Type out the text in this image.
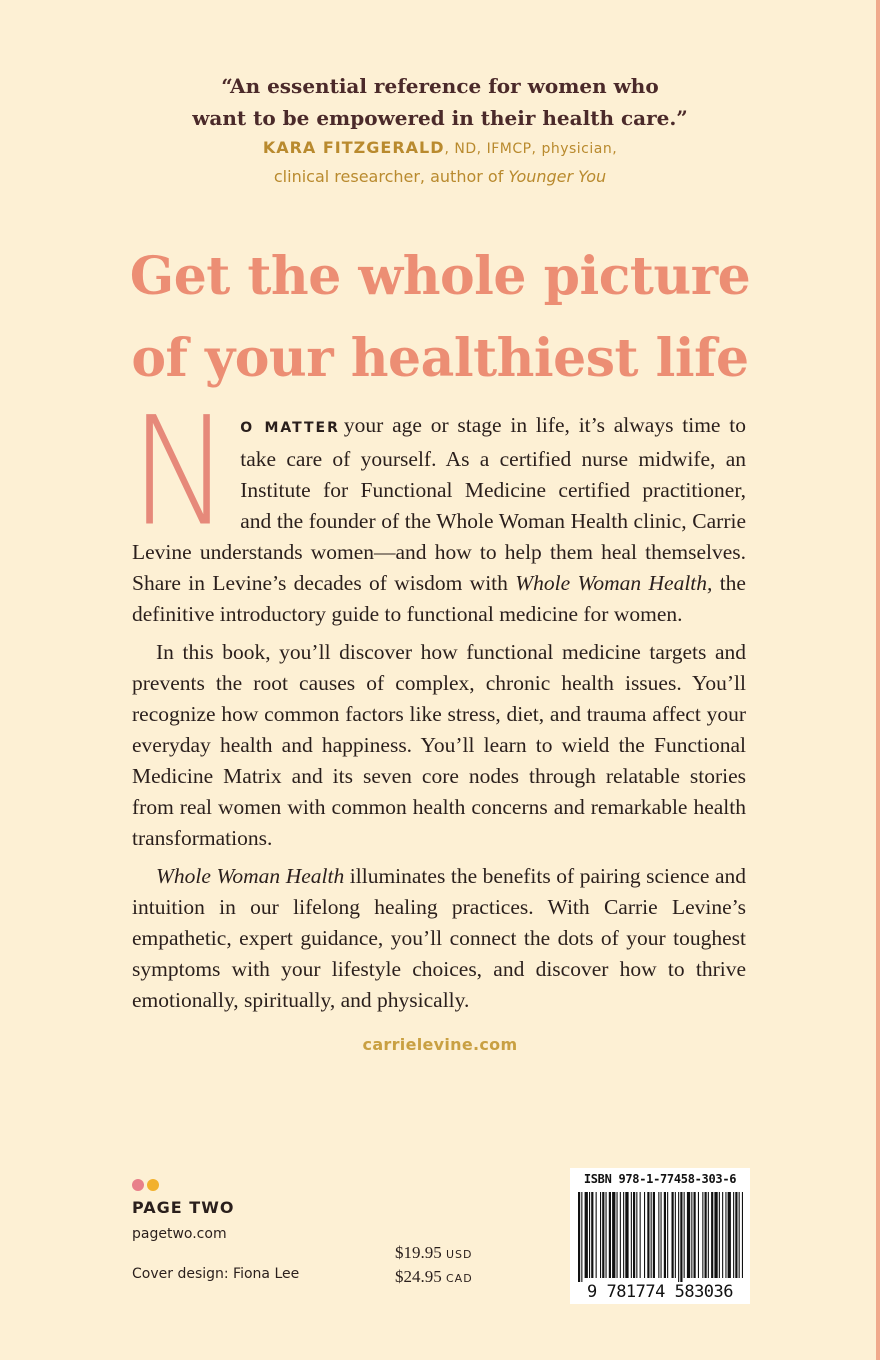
“An essential reference for women who

want to be empowered in their health care.”

KARA FITZGERALD, ND, IFMCP, physician,

clinical researcher, author of Younger You

Get the whole picture
of your healthiest life

N O MATTER your age or stage in life, it’s always time to take care of yourself. As a certified nurse midwife, an Institute for Functional Medicine certified practitioner, and the founder of the Whole Woman Health clinic, Carrie Levine understands women—and how to help them heal themselves. Share in Levine’s decades of wisdom with Whole Woman Health, the definitive introductory guide to functional medicine for women.

In this book, you’ll discover how functional medicine targets and prevents the root causes of complex, chronic health issues. You’ll recognize how common factors like stress, diet, and trauma affect your everyday health and happiness. You’ll learn to wield the Functional Medicine Matrix and its seven core nodes through relatable stories from real women with common health concerns and remarkable health transformations.

Whole Woman Health illuminates the benefits of pairing science and intuition in our lifelong healing practices. With Carrie Levine’s empathetic, expert guidance, you’ll connect the dots of your toughest symptoms with your lifestyle choices, and discover how to thrive emotionally, spiritually, and physically.

carrielevine.com
PAGE TWO
pagetwo.com
Cover design: Fiona Lee
$19.95 USD
$24.95 CAD
ISBN 978-1-77458-303-6
9 781774 583036
